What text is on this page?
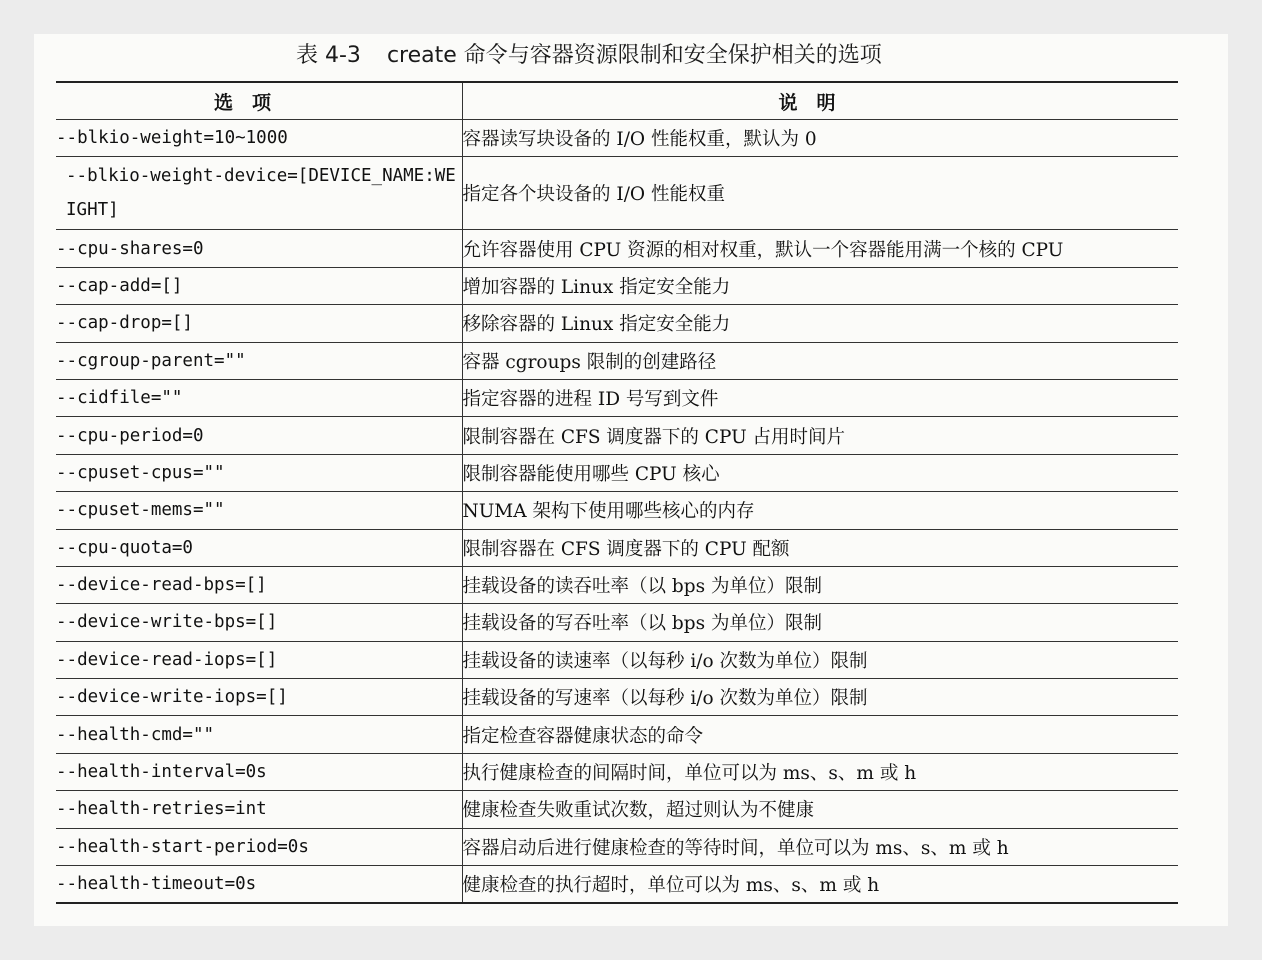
表 4-3 create 命令与容器资源限制和安全保护相关的选项
选　项	说　明
--blkio-weight=10~1000	容器读写块设备的 I/O 性能权重，默认为 0
--blkio-weight-device=[DEVICE_NAME:WEIGHT]	指定各个块设备的 I/O 性能权重
--cpu-shares=0	允许容器使用 CPU 资源的相对权重，默认一个容器能用满一个核的 CPU
--cap-add=[]	增加容器的 Linux 指定安全能力
--cap-drop=[]	移除容器的 Linux 指定安全能力
--cgroup-parent=""	容器 cgroups 限制的创建路径
--cidfile=""	指定容器的进程 ID 号写到文件
--cpu-period=0	限制容器在 CFS 调度器下的 CPU 占用时间片
--cpuset-cpus=""	限制容器能使用哪些 CPU 核心
--cpuset-mems=""	NUMA 架构下使用哪些核心的内存
--cpu-quota=0	限制容器在 CFS 调度器下的 CPU 配额
--device-read-bps=[]	挂载设备的读吞吐率（以 bps 为单位）限制
--device-write-bps=[]	挂载设备的写吞吐率（以 bps 为单位）限制
--device-read-iops=[]	挂载设备的读速率（以每秒 i/o 次数为单位）限制
--device-write-iops=[]	挂载设备的写速率（以每秒 i/o 次数为单位）限制
--health-cmd=""	指定检查容器健康状态的命令
--health-interval=0s	执行健康检查的间隔时间，单位可以为 ms、s、m 或 h
--health-retries=int	健康检查失败重试次数，超过则认为不健康
--health-start-period=0s	容器启动后进行健康检查的等待时间，单位可以为 ms、s、m 或 h
--health-timeout=0s	健康检查的执行超时，单位可以为 ms、s、m 或 h
